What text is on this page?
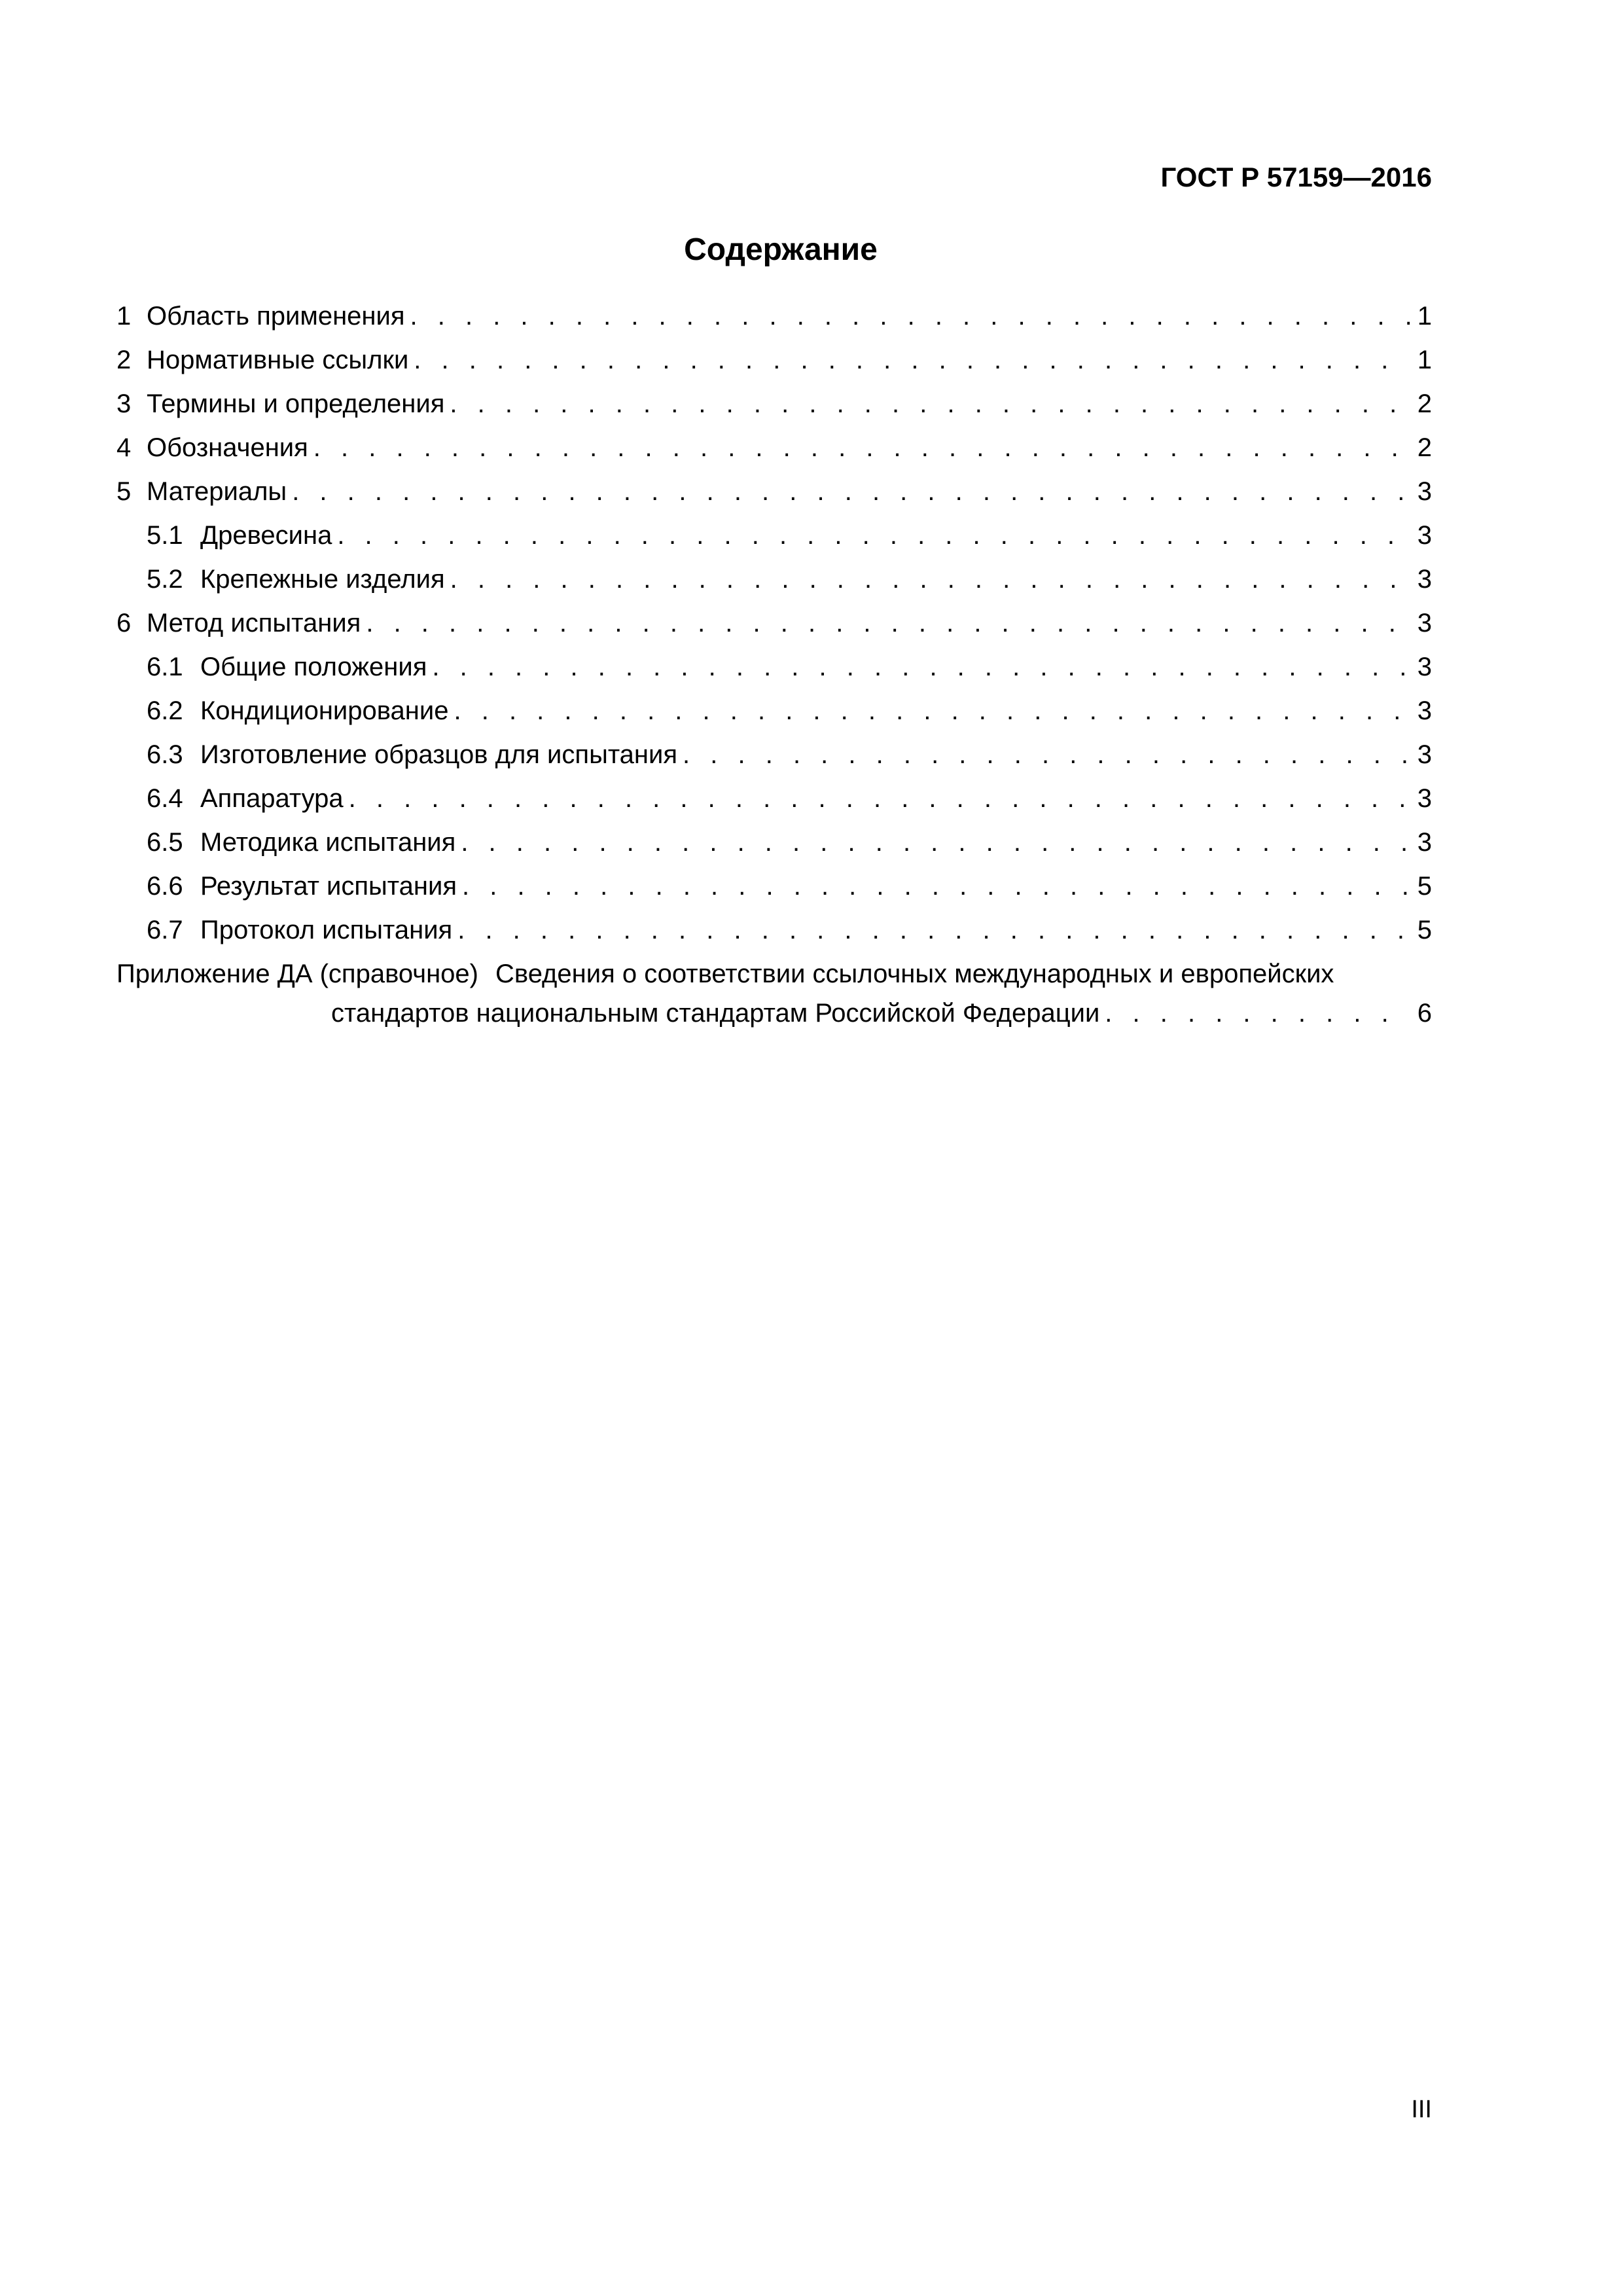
ГОСТ Р 57159—2016
Содержание
1 Область применения . . .	1
2 Нормативные ссылки . . .	1
3 Термины и определения . . .	2
4 Обозначения . . .	2
5 Материалы . . .	3
5.1 Древесина . . .	3
5.2 Крепежные изделия . . .	3
6 Метод испытания . . .	3
6.1 Общие положения . . .	3
6.2 Кондиционирование . . .	3
6.3 Изготовление образцов для испытания . . .	3
6.4 Аппаратура . . .	3
6.5 Методика испытания . . .	3
6.6 Результат испытания . . .	5
6.7 Протокол испытания . . .	5
Приложение ДА (справочное) Сведения о соответствии ссылочных международных и европейских
стандартов национальным стандартам Российской Федерации . . .	6
III
